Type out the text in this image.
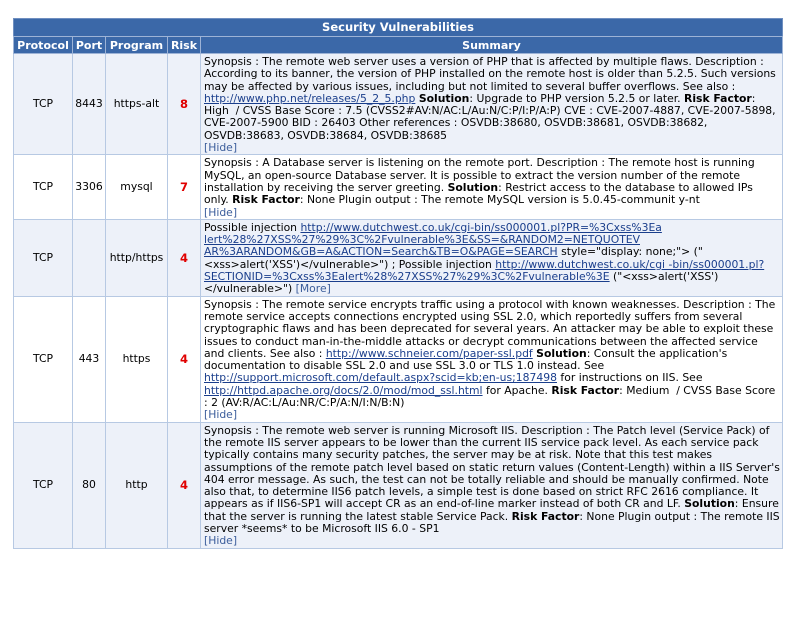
Security Vulnerabilities
Protocol	Port	Program	Risk	Summary
TCP	8443	https-alt	8	Synopsis : The remote web server uses a version of PHP that is affected by multiple flaws. Description : According to its banner, the version of PHP installed on the remote host is older than 5.2.5. Such versions may be affected by various issues, including but not limited to several buffer overflows. See also : http://www.php.net/releases/5_2_5.php Solution: Upgrade to PHP version 5.2.5 or later. Risk Factor: High  / CVSS Base Score : 7.5 (CVSS2#AV:N/AC:L/Au:N/C:P/I:P/A:P) CVE : CVE-2007-4887, CVE-2007-5898, CVE-2007-5900 BID : 26403 Other references : OSVDB:38680, OSVDB:38681, OSVDB:38682, OSVDB:38683, OSVDB:38684, OSVDB:38685
[Hide]
TCP	3306	mysql	7	Synopsis : A Database server is listening on the remote port. Description : The remote host is running MySQL, an open-source Database server. It is possible to extract the version number of the remote installation by receiving the server greeting. Solution: Restrict access to the database to allowed IPs only. Risk Factor: None Plugin output : The remote MySQL version is 5.0.45-communit y-nt
[Hide]
TCP		http/https	4	Possible injection http://www.dutchwest.co.uk/cgi-bin/ss000001.pl?PR=%3Cxss%3Ea lert%28%27XSS%27%29%3C%2Fvulnerable%3E&SS=&RANDOM2=NETQUOTEV AR%3ARANDOM&GB=A&ACTION=Search&TB=O&PAGE=SEARCH style="display: none;"> ("<xss>alert('XSS')</vulnerable>") ; Possible injection http://www.dutchwest.co.uk/cgi -bin/ss000001.pl?SECTIONID=%3Cxss%3Ealert%28%27XSS%27%29%3C%2Fvulnerable%3E ("<xss>alert('XSS')</vulnerable>") [More]
TCP	443	https	4	Synopsis : The remote service encrypts traffic using a protocol with known weaknesses. Description : The remote service accepts connections encrypted using SSL 2.0, which reportedly suffers from several cryptographic flaws and has been deprecated for several years. An attacker may be able to exploit these issues to conduct man-in-the-middle attacks or decrypt communications between the affected service and clients. See also : http://www.schneier.com/paper-ssl.pdf Solution: Consult the application's documentation to disable SSL 2.0 and use SSL 3.0 or TLS 1.0 instead. See http://support.microsoft.com/default.aspx?scid=kb;en-us;187498 for instructions on IIS. See http://httpd.apache.org/docs/2.0/mod/mod_ssl.html for Apache. Risk Factor: Medium  / CVSS Base Score : 2 (AV:R/AC:L/Au:NR/C:P/A:N/I:N/B:N)
[Hide]
TCP	80	http	4	Synopsis : The remote web server is running Microsoft IIS. Description : The Patch level (Service Pack) of the remote IIS server appears to be lower than the current IIS service pack level. As each service pack typically contains many security patches, the server may be at risk. Note that this test makes assumptions of the remote patch level based on static return values (Content-Length) within a IIS Server's 404 error message. As such, the test can not be totally reliable and should be manually confirmed. Note also that, to determine IIS6 patch levels, a simple test is done based on strict RFC 2616 compliance. It appears as if IIS6-SP1 will accept CR as an end-of-line marker instead of both CR and LF. Solution: Ensure that the server is running the latest stable Service Pack. Risk Factor: None Plugin output : The remote IIS server *seems* to be Microsoft IIS 6.0 - SP1
[Hide]
